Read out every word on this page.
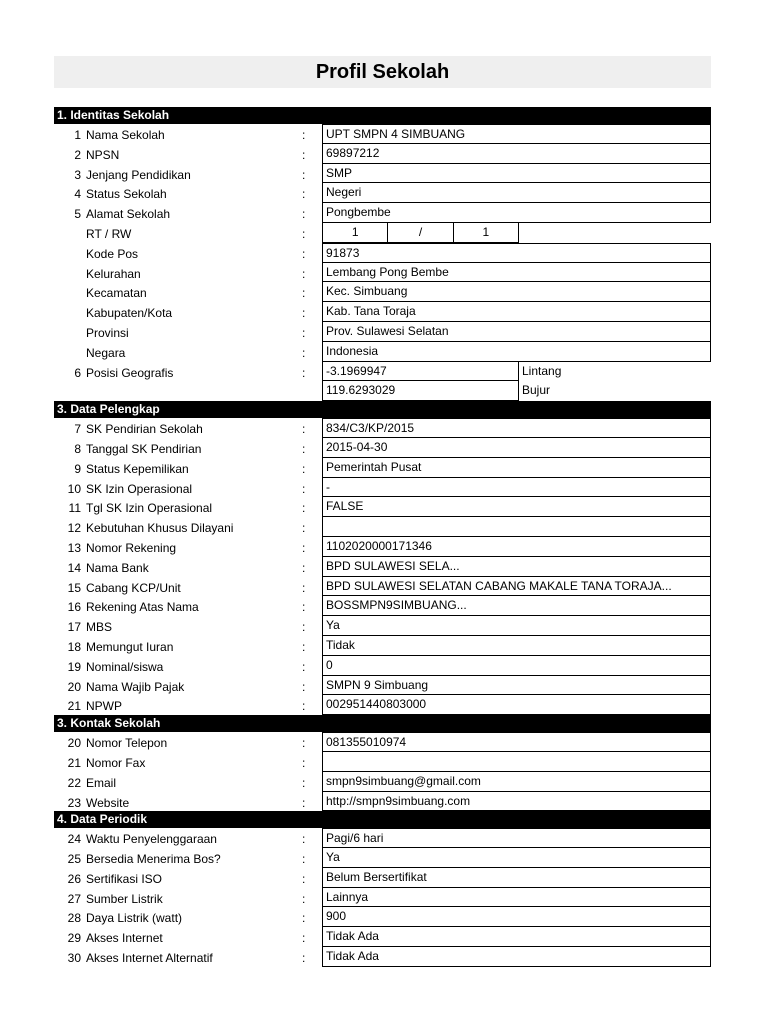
Profil Sekolah
1. Identitas Sekolah
1 Nama Sekolah	:	UPT SMPN 4 SIMBUANG
2 NPSN	:	69897212
3 Jenjang Pendidikan	:	SMP
4 Status Sekolah	:	Negeri
5 Alamat Sekolah	:	Pongbembe
RT / RW	:	1	/	1
Kode Pos	:	91873
Kelurahan	:	Lembang Pong Bembe
Kecamatan	:	Kec. Simbuang
Kabupaten/Kota	:	Kab. Tana Toraja
Provinsi	:	Prov. Sulawesi Selatan
Negara	:	Indonesia
6 Posisi Geografis	:	-3.1969947	Lintang
119.6293029	Bujur
3. Data Pelengkap
7 SK Pendirian Sekolah	:	834/C3/KP/2015
8 Tanggal SK Pendirian	:	2015-04-30
9 Status Kepemilikan	:	Pemerintah Pusat
10 SK Izin Operasional	:	-
11 Tgl SK Izin Operasional	:	FALSE
12 Kebutuhan Khusus Dilayani	:
13 Nomor Rekening	:	1102020000171346
14 Nama Bank	:	BPD SULAWESI SELA...
15 Cabang KCP/Unit	:	BPD SULAWESI SELATAN CABANG MAKALE TANA TORAJA...
16 Rekening Atas Nama	:	BOSSMPN9SIMBUANG...
17 MBS	:	Ya
18 Memungut Iuran	:	Tidak
19 Nominal/siswa	:	0
20 Nama Wajib Pajak	:	SMPN 9 Simbuang
21 NPWP	:	002951440803000
3. Kontak Sekolah
20 Nomor Telepon	:	081355010974
21 Nomor Fax	:
22 Email	:	smpn9simbuang@gmail.com
23 Website	:	http://smpn9simbuang.com
4. Data Periodik
24 Waktu Penyelenggaraan	:	Pagi/6 hari
25 Bersedia Menerima Bos?	:	Ya
26 Sertifikasi ISO	:	Belum Bersertifikat
27 Sumber Listrik	:	Lainnya
28 Daya Listrik (watt)	:	900
29 Akses Internet	:	Tidak Ada
30 Akses Internet Alternatif	:	Tidak Ada
